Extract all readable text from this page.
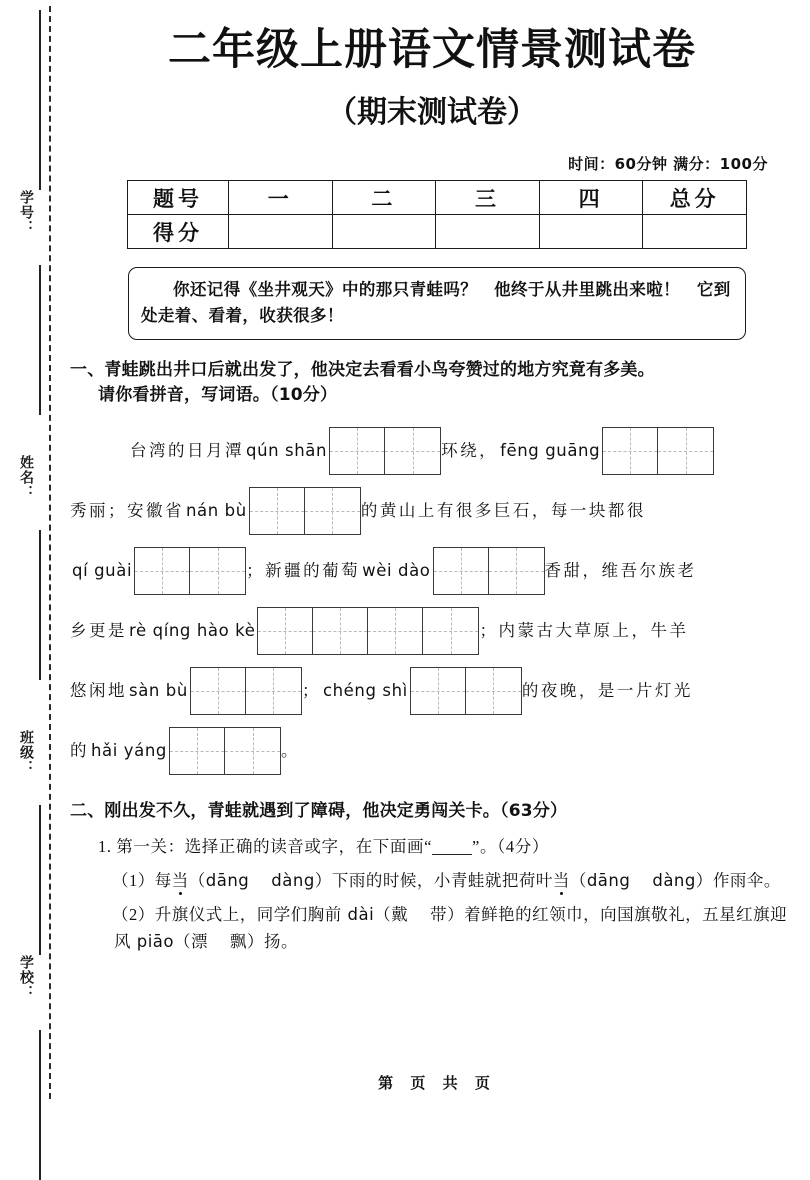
学号：
姓名：
班级：
学校：
二年级上册语文情景测试卷
（期末测试卷）
时间：60分钟 满分：100分
题号	一	二	三	四	总分
得分					
你还记得《坐井观天》中的那只青蛙吗？　他终于从井里跳出来啦！　它到处走着、看着，收获很多！
一、青蛙跳出井口后就出发了，他决定去看看小鸟夸赞过的地方究竟有多美。
请你看拼音，写词语。（10分）
台湾的日月潭 qún shān	环绕， fēng guāng
秀丽；安徽省 nán bù	的黄山上有很多巨石，每一块都很
qí guài	；新疆的葡萄 wèi dào	香甜，维吾尔族老
乡更是 rè qíng hào kè	；内蒙古大草原上，牛羊
悠闲地 sàn bù	； chéng shì	的夜晚，是一片灯光
的 hǎi yáng	。
二、刚出发不久，青蛙就遇到了障碍，他决定勇闯关卡。（63分）
1. 第一关：选择正确的读音或字，在下面画“ ”。（4分）
（1）每当（dāng dàng）下雨的时候，小青蛙就把荷叶当（dāng dàng）作雨伞。
（2）升旗仪式上，同学们胸前 dài（戴 带）着鲜艳的红领巾，向国旗敬礼，五星红旗迎风 piāo（漂 飘）扬。
第 页 共 页
